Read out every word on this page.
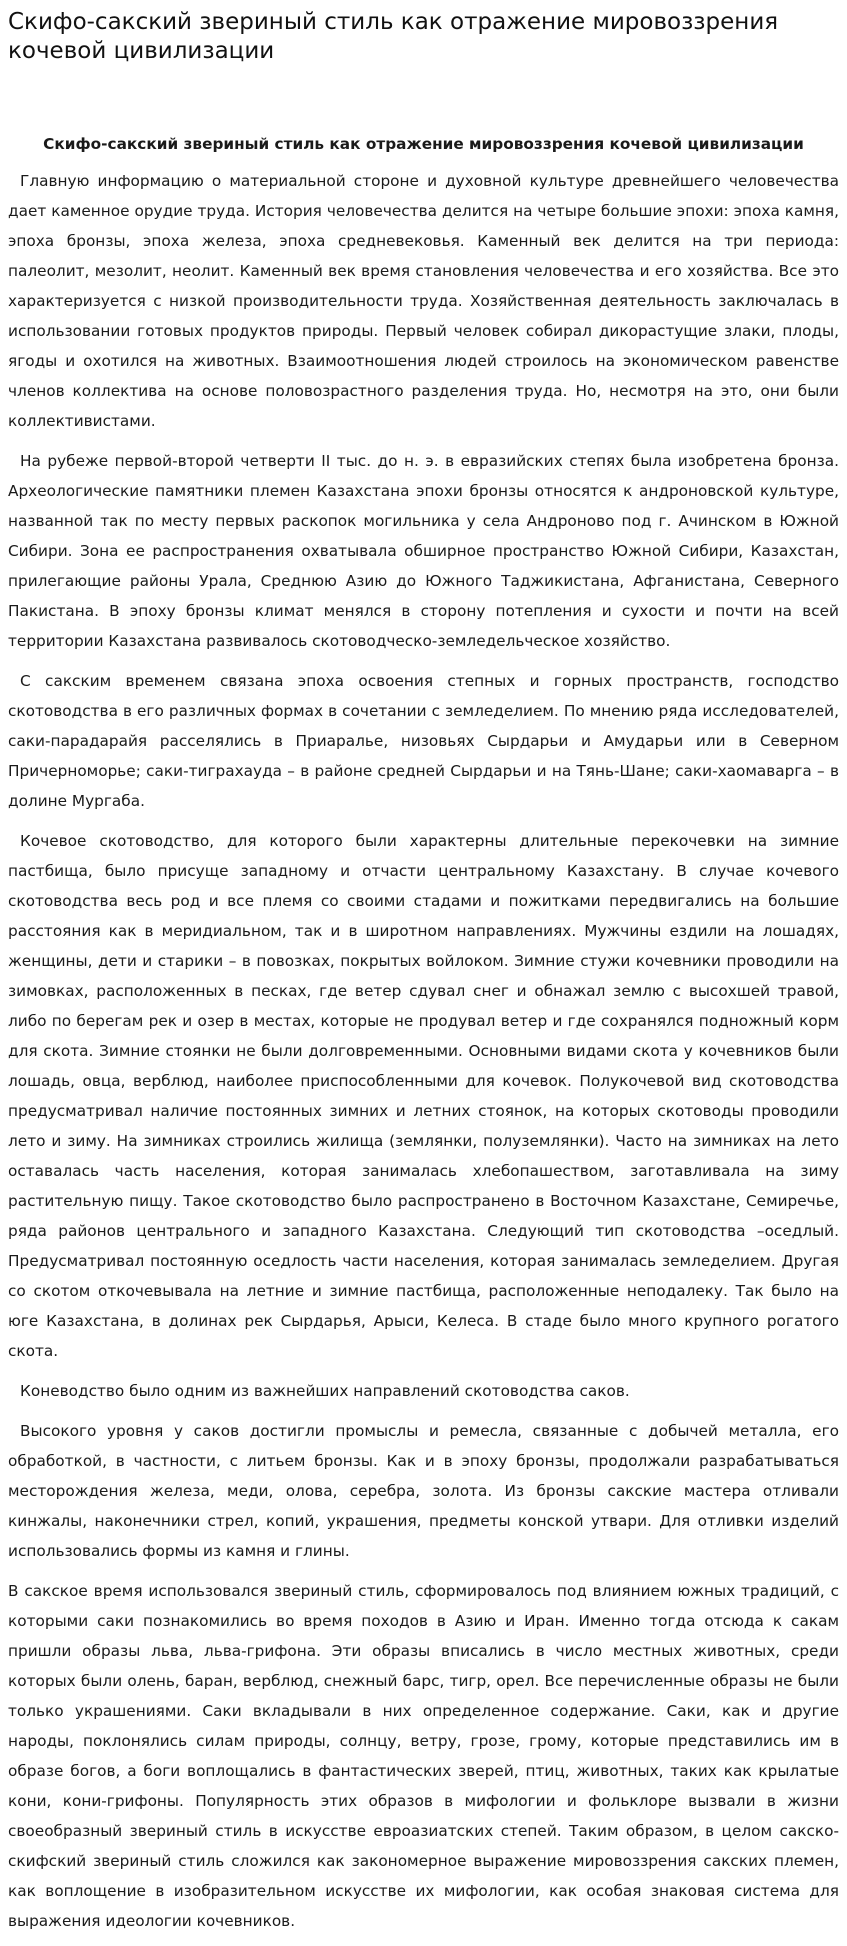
Скифо-сакский звериный стиль как отражение мировоззрения кочевой цивилизации
Скифо-сакский звериный стиль как отражение мировоззрения кочевой цивилизации

Главную информацию о материальной стороне и духовной культуре древнейшего человечества дает каменное орудие труда. История человечества делится на четыре большие эпохи: эпоха камня, эпоха бронзы, эпоха железа, эпоха средневековья. Каменный век делится на три периода: палеолит, мезолит, неолит. Каменный век время становления человечества и его хозяйства. Все это характеризуется с низкой производительности труда. Хозяйственная деятельность заключалась в использовании готовых продуктов природы. Первый человек собирал дикорастущие злаки, плоды, ягоды и охотился на животных. Взаимоотношения людей строилось на экономическом равенстве членов коллектива на основе половозрастного разделения труда. Но, несмотря на это, они были коллективистами.

На рубеже первой-второй четверти II тыс. до н. э. в евразийских степях была изобретена бронза. Археологические памятники племен Казахстана эпохи бронзы относятся к андроновской культуре, названной так по месту первых раскопок могильника у села Андроново под г. Ачинском в Южной Сибири. Зона ее распространения охватывала обширное пространство Южной Сибири, Казахстан, прилегающие районы Урала, Среднюю Азию до Южного Таджикистана, Афганистана, Северного Пакистана. В эпоху бронзы климат менялся в сторону потепления и сухости и почти на всей территории Казахстана развивалось скотоводческо-земледельческое хозяйство.

С сакским временем связана эпоха освоения степных и горных пространств, господство скотоводства в его различных формах в сочетании с земледелием. По мнению ряда исследователей, саки-парадарайя расселялись в Приаралье, низовьях Сырдарьи и Амударьи или в Северном Причерноморье; саки-тиграхауда – в районе средней Сырдарьи и на Тянь-Шане; саки-хаомаварга – в долине Мургаба.

Кочевое скотоводство, для которого были характерны длительные перекочевки на зимние пастбища, было присуще западному и отчасти центральному Казахстану. В случае кочевого скотоводства весь род и все племя со своими стадами и пожитками передвигались на большие расстояния как в меридиальном, так и в широтном направлениях. Мужчины ездили на лошадях, женщины, дети и старики – в повозках, покрытых войлоком. Зимние стужи кочевники проводили на зимовках, расположенных в песках, где ветер сдувал снег и обнажал землю с высохшей травой, либо по берегам рек и озер в местах, которые не продувал ветер и где сохранялся подножный корм для скота. Зимние стоянки не были долговременными. Основными видами скота у кочевников были лошадь, овца, верблюд, наиболее приспособленными для кочевок. Полукочевой вид скотоводства предусматривал наличие постоянных зимних и летних стоянок, на которых скотоводы проводили лето и зиму. На зимниках строились жилища (землянки, полуземлянки). Часто на зимниках на лето оставалась часть населения, которая занималась хлебопашеством, заготавливала на зиму растительную пищу. Такое скотоводство было распространено в Восточном Казахстане, Семиречье, ряда районов центрального и западного Казахстана. Следующий тип скотоводства –оседлый. Предусматривал постоянную оседлость части населения, которая занималась земледелием. Другая со скотом откочевывала на летние и зимние пастбища, расположенные неподалеку. Так было на юге Казахстана, в долинах рек Сырдарья, Арыси, Келеса. В стаде было много крупного рогатого скота.

Коневодство было одним из важнейших направлений скотоводства саков.

Высокого уровня у саков достигли промыслы и ремесла, связанные с добычей металла, его обработкой, в частности, с литьем бронзы. Как и в эпоху бронзы, продолжали разрабатываться месторождения железа, меди, олова, серебра, золота. Из бронзы сакские мастера отливали кинжалы, наконечники стрел, копий, украшения, предметы конской утвари. Для отливки изделий использовались формы из камня и глины.

В сакское время использовался звериный стиль, сформировалось под влиянием южных традиций, с которыми саки познакомились во время походов в Азию и Иран. Именно тогда отсюда к сакам пришли образы льва, льва-грифона. Эти образы вписались в число местных животных, среди которых были олень, баран, верблюд, снежный барс, тигр, орел. Все перечисленные образы не были только украшениями. Саки вкладывали в них определенное содержание. Саки, как и другие народы, поклонялись силам природы, солнцу, ветру, грозе, грому, которые представились им в образе богов, а боги воплощались в фантастических зверей, птиц, животных, таких как крылатые кони, кони-грифоны. Популярность этих образов в мифологии и фольклоре вызвали в жизни своеобразный звериный стиль в искусстве евроазиатских степей. Таким образом, в целом сакско-скифский звериный стиль сложился как закономерное выражение мировоззрения сакских племен, как воплощение в изобразительном искусстве их мифологии, как особая знаковая система для выражения идеологии кочевников.
